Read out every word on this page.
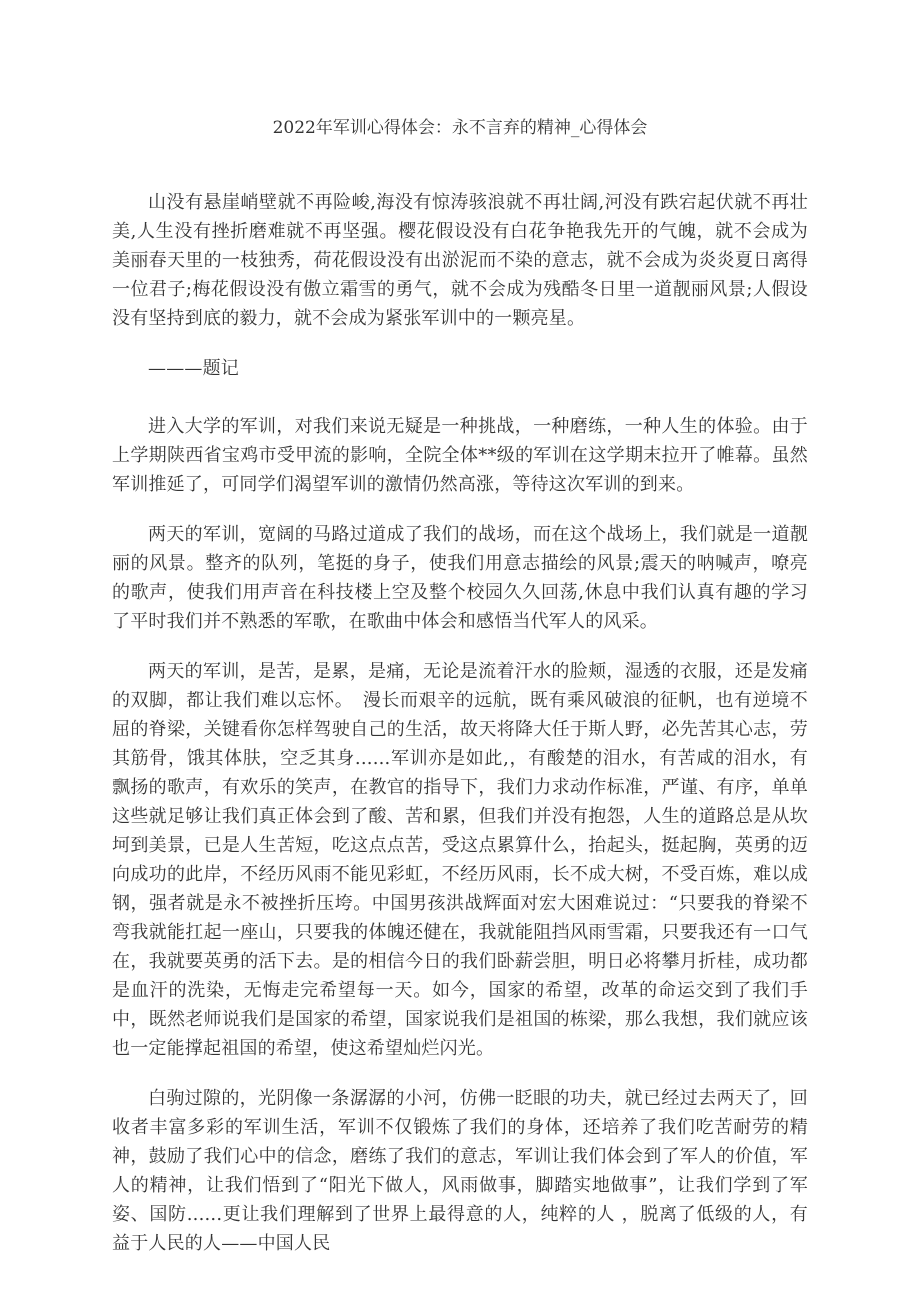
2022年军训心得体会：永不言弃的精神_心得体会

山没有悬崖峭壁就不再险峻,海没有惊涛骇浪就不再壮阔,河没有跌宕起伏就不再壮美,人生没有挫折磨难就不再坚强。樱花假设没有白花争艳我先开的气魄，就不会成为美丽春天里的一枝独秀，荷花假设没有出淤泥而不染的意志，就不会成为炎炎夏日离得一位君子;梅花假设没有傲立霜雪的勇气，就不会成为残酷冬日里一道靓丽风景;人假设没有坚持到底的毅力，就不会成为紧张军训中的一颗亮星。

———题记

进入大学的军训，对我们来说无疑是一种挑战，一种磨练，一种人生的体验。由于上学期陕西省宝鸡市受甲流的影响，全院全体**级的军训在这学期末拉开了帷幕。虽然军训推延了，可同学们渴望军训的激情仍然高涨，等待这次军训的到来。

两天的军训，宽阔的马路过道成了我们的战场，而在这个战场上，我们就是一道靓丽的风景。整齐的队列，笔挺的身子，使我们用意志描绘的风景;震天的呐喊声，嘹亮的歌声，使我们用声音在科技楼上空及整个校园久久回荡,休息中我们认真有趣的学习了平时我们并不熟悉的军歌，在歌曲中体会和感悟当代军人的风采。

两天的军训，是苦，是累，是痛，无论是流着汗水的脸颊，湿透的衣服，还是发痛的双脚，都让我们难以忘怀。　漫长而艰辛的远航，既有乘风破浪的征帆，也有逆境不屈的脊梁，关键看你怎样驾驶自己的生活，故天将降大任于斯人野，必先苦其心志，劳其筋骨，饿其体肤，空乏其身......军训亦是如此,，有酸楚的泪水，有苦咸的泪水，有飘扬的歌声，有欢乐的笑声，在教官的指导下，我们力求动作标准，严谨、有序，单单这些就足够让我们真正体会到了酸、苦和累，但我们并没有抱怨，人生的道路总是从坎坷到美景，已是人生苦短，吃这点点苦，受这点累算什么，抬起头，挺起胸，英勇的迈向成功的此岸，不经历风雨不能见彩虹，不经历风雨，长不成大树，不受百炼，难以成钢，强者就是永不被挫折压垮。中国男孩洪战辉面对宏大困难说过：“只要我的脊梁不弯我就能扛起一座山，只要我的体魄还健在，我就能阻挡风雨雪霜，只要我还有一口气在，我就要英勇的活下去。是的相信今日的我们卧薪尝胆，明日必将攀月折桂，成功都是血汗的洗染，无悔走完希望每一天。如今，国家的希望，改革的命运交到了我们手中，既然老师说我们是国家的希望，国家说我们是祖国的栋梁，那么我想，我们就应该也一定能撑起祖国的希望，使这希望灿烂闪光。

白驹过隙的，光阴像一条潺潺的小河，仿佛一眨眼的功夫，就已经过去两天了，回收者丰富多彩的军训生活，军训不仅锻炼了我们的身体，还培养了我们吃苦耐劳的精神，鼓励了我们心中的信念，磨练了我们的意志，军训让我们体会到了军人的价值，军人的精神，让我们悟到了“阳光下做人，风雨做事，脚踏实地做事”，让我们学到了军姿、国防......更让我们理解到了世界上最得意的人，纯粹的人 ，脱离了低级的人，有益于人民的人——中国人民
